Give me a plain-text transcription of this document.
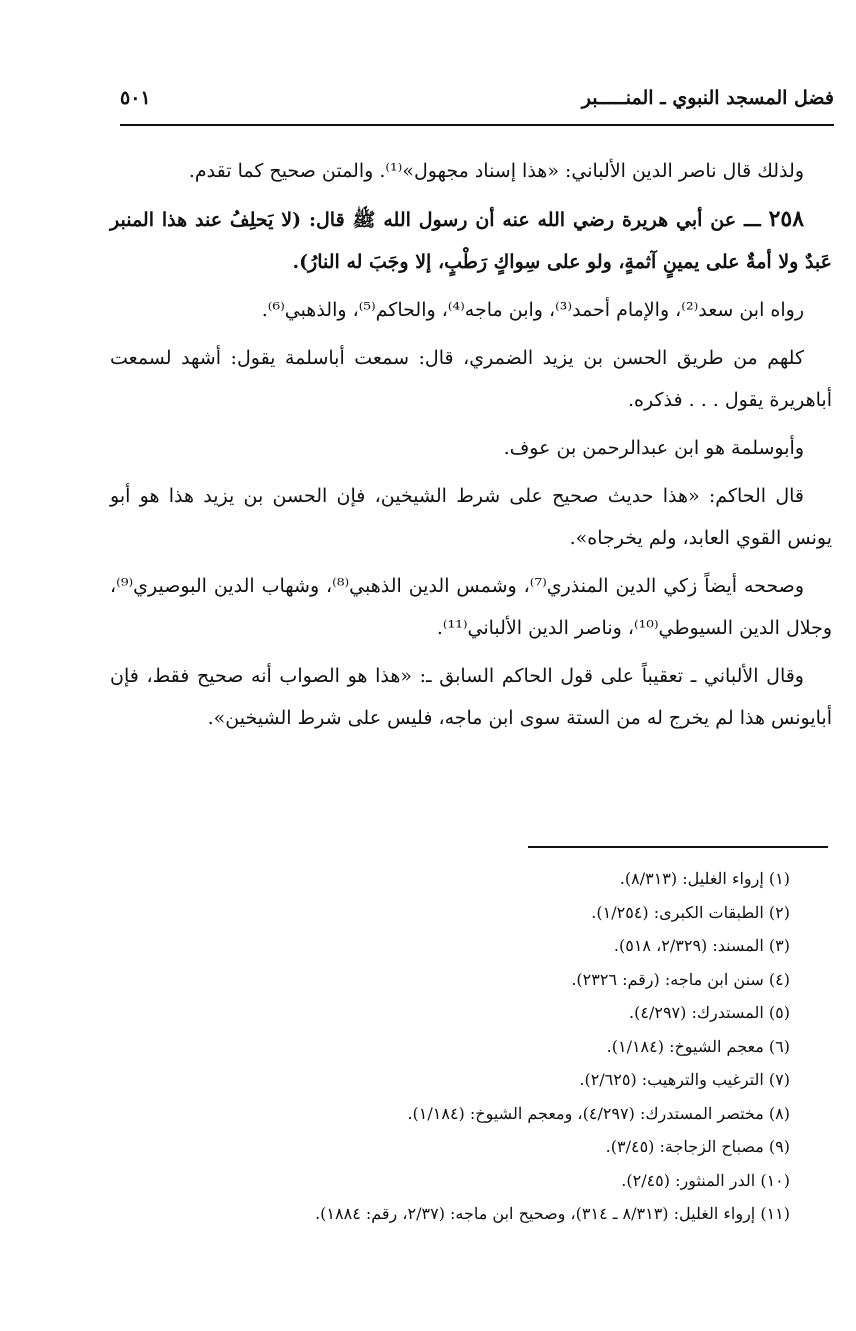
فضل المسجد النبوي ـ المنـــــبر
٥٠١

ولذلك قال ناصر الدين الألباني: «هذا إسناد مجهول»⁽¹⁾. والمتن صحيح كما تقدم.

٢٥٨ ـــ عن أبي هريرة رضي الله عنه أن رسول الله ﷺ قال: (لا يَحلِفُ عند هذا المنبر عَبدٌ ولا أمةٌ على يمينٍ آثمةٍ، ولو على سِواكٍ رَطْبٍ، إلا وجَبَ له النارُ).

رواه ابن سعد⁽²⁾، والإمام أحمد⁽³⁾، وابن ماجه⁽⁴⁾، والحاكم⁽⁵⁾، والذهبي⁽⁶⁾.

كلهم من طريق الحسن بن يزيد الضمري، قال: سمعت أباسلمة يقول: أشهد لسمعت أباهريرة يقول . . . فذكره.

وأبوسلمة هو ابن عبدالرحمن بن عوف.

قال الحاكم: «هذا حديث صحيح على شرط الشيخين، فإن الحسن بن يزيد هذا هو أبو يونس القوي العابد، ولم يخرجاه».

وصححه أيضاً زكي الدين المنذري⁽⁷⁾، وشمس الدين الذهبي⁽⁸⁾، وشهاب الدين البوصيري⁽⁹⁾، وجلال الدين السيوطي⁽¹⁰⁾، وناصر الدين الألباني⁽¹¹⁾.

وقال الألباني ـ تعقيباً على قول الحاكم السابق ـ: «هذا هو الصواب أنه صحيح فقط، فإن أبايونس هذا لم يخرج له من الستة سوى ابن ماجه، فليس على شرط الشيخين».

(١) إرواء الغليل: (٨/٣١٣).
(٢) الطبقات الكبرى: (١/٢٥٤).
(٣) المسند: (٢/٣٢٩، ٥١٨).
(٤) سنن ابن ماجه: (رقم: ٢٣٢٦).
(٥) المستدرك: (٤/٢٩٧).
(٦) معجم الشيوخ: (١/١٨٤).
(٧) الترغيب والترهيب: (٢/٦٢٥).
(٨) مختصر المستدرك: (٤/٢٩٧)، ومعجم الشيوخ: (١/١٨٤).
(٩) مصباح الزجاجة: (٣/٤٥).
(١٠) الدر المنثور: (٢/٤٥).
(١١) إرواء الغليل: (٨/٣١٣ ـ ٣١٤)، وصحيح ابن ماجه: (٢/٣٧، رقم: ١٨٨٤).
